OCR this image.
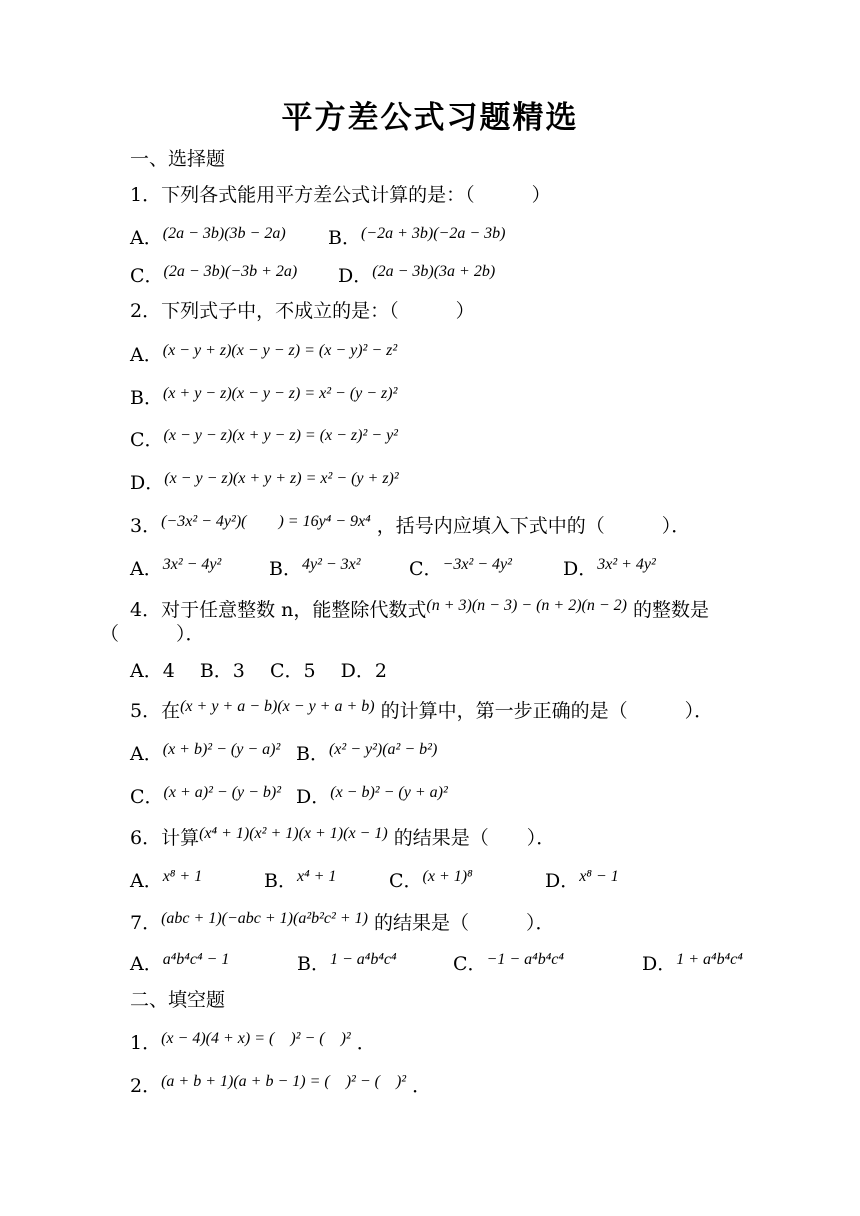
平方差公式习题精选
一、选择题
1．下列各式能用平方差公式计算的是：（　　　）
A．$^{(2a - 3b)(3b - 2a)}$ B．$^{(-2a + 3b)(-2a - 3b)}$
C．$^{(2a - 3b)(-3b + 2a)}$ D．$^{(2a - 3b)(3a + 2b)}$
2．下列式子中，不成立的是：（　　　）
A．$^{(x - y + z)(x - y - z) = (x - y)^2 - z^2}$
B．$^{(x + y - z)(x - y - z) = x^2 - (y - z)^2}$
C．$^{(x - y - z)(x + y - z) = (x - z)^2 - y^2}$
D．$^{(x - y - z)(x + y + z) = x^2 - (y + z)^2}$
3．$^{(-3x^2 - 4y^2)( ) = 16y^4 - 9x^4}$ ，括号内应填入下式中的（　　　）．
A．$^{3x^2 - 4y^2}$	B．$^{4y^2 - 3x^2}$	C．$^{-3x^2 - 4y^2}$	D．$^{3x^2 + 4y^2}$
4．对于任意整数 n，能整除代数式$^{(n + 3)(n - 3) - (n + 2)(n - 2)}$ 的整数是
（　　　）．
A．4　 B．3　 C．5　 D．2
5．在$^{(x + y + a - b)(x - y + a + b)}$ 的计算中，第一步正确的是（　　　）．
A．$^{(x + b)^2 - (y - a)^2}$ B．$^{(x^2 - y^2)(a^2 - b^2)}$
C．$^{(x + a)^2 - (y - b)^2}$ D．$^{(x - b)^2 - (y + a)^2}$
6．计算$^{(x^4 + 1)(x^2 + 1)(x + 1)(x - 1)}$ 的结果是（　　）．
A．$^{x^8 + 1}$	B．$^{x^4 + 1}$	C．$^{(x + 1)^8}$	D．$^{x^8 - 1}$
7．$^{(abc + 1)(-abc + 1)(a^2b^2c^2 + 1)}$ 的结果是（　　　）．
A．$^{a^4b^4c^4 - 1}$	B．$^{1 - a^4b^4c^4}$	C．$^{-1 - a^4b^4c^4}$	D．$^{1 + a^4b^4c^4}$
二、填空题
1．$^{(x - 4)(4 + x) = ( )^2 - ( )^2}$ ．
2．$^{(a + b + 1)(a + b - 1) = ( )^2 - ( )^2}$ ．
